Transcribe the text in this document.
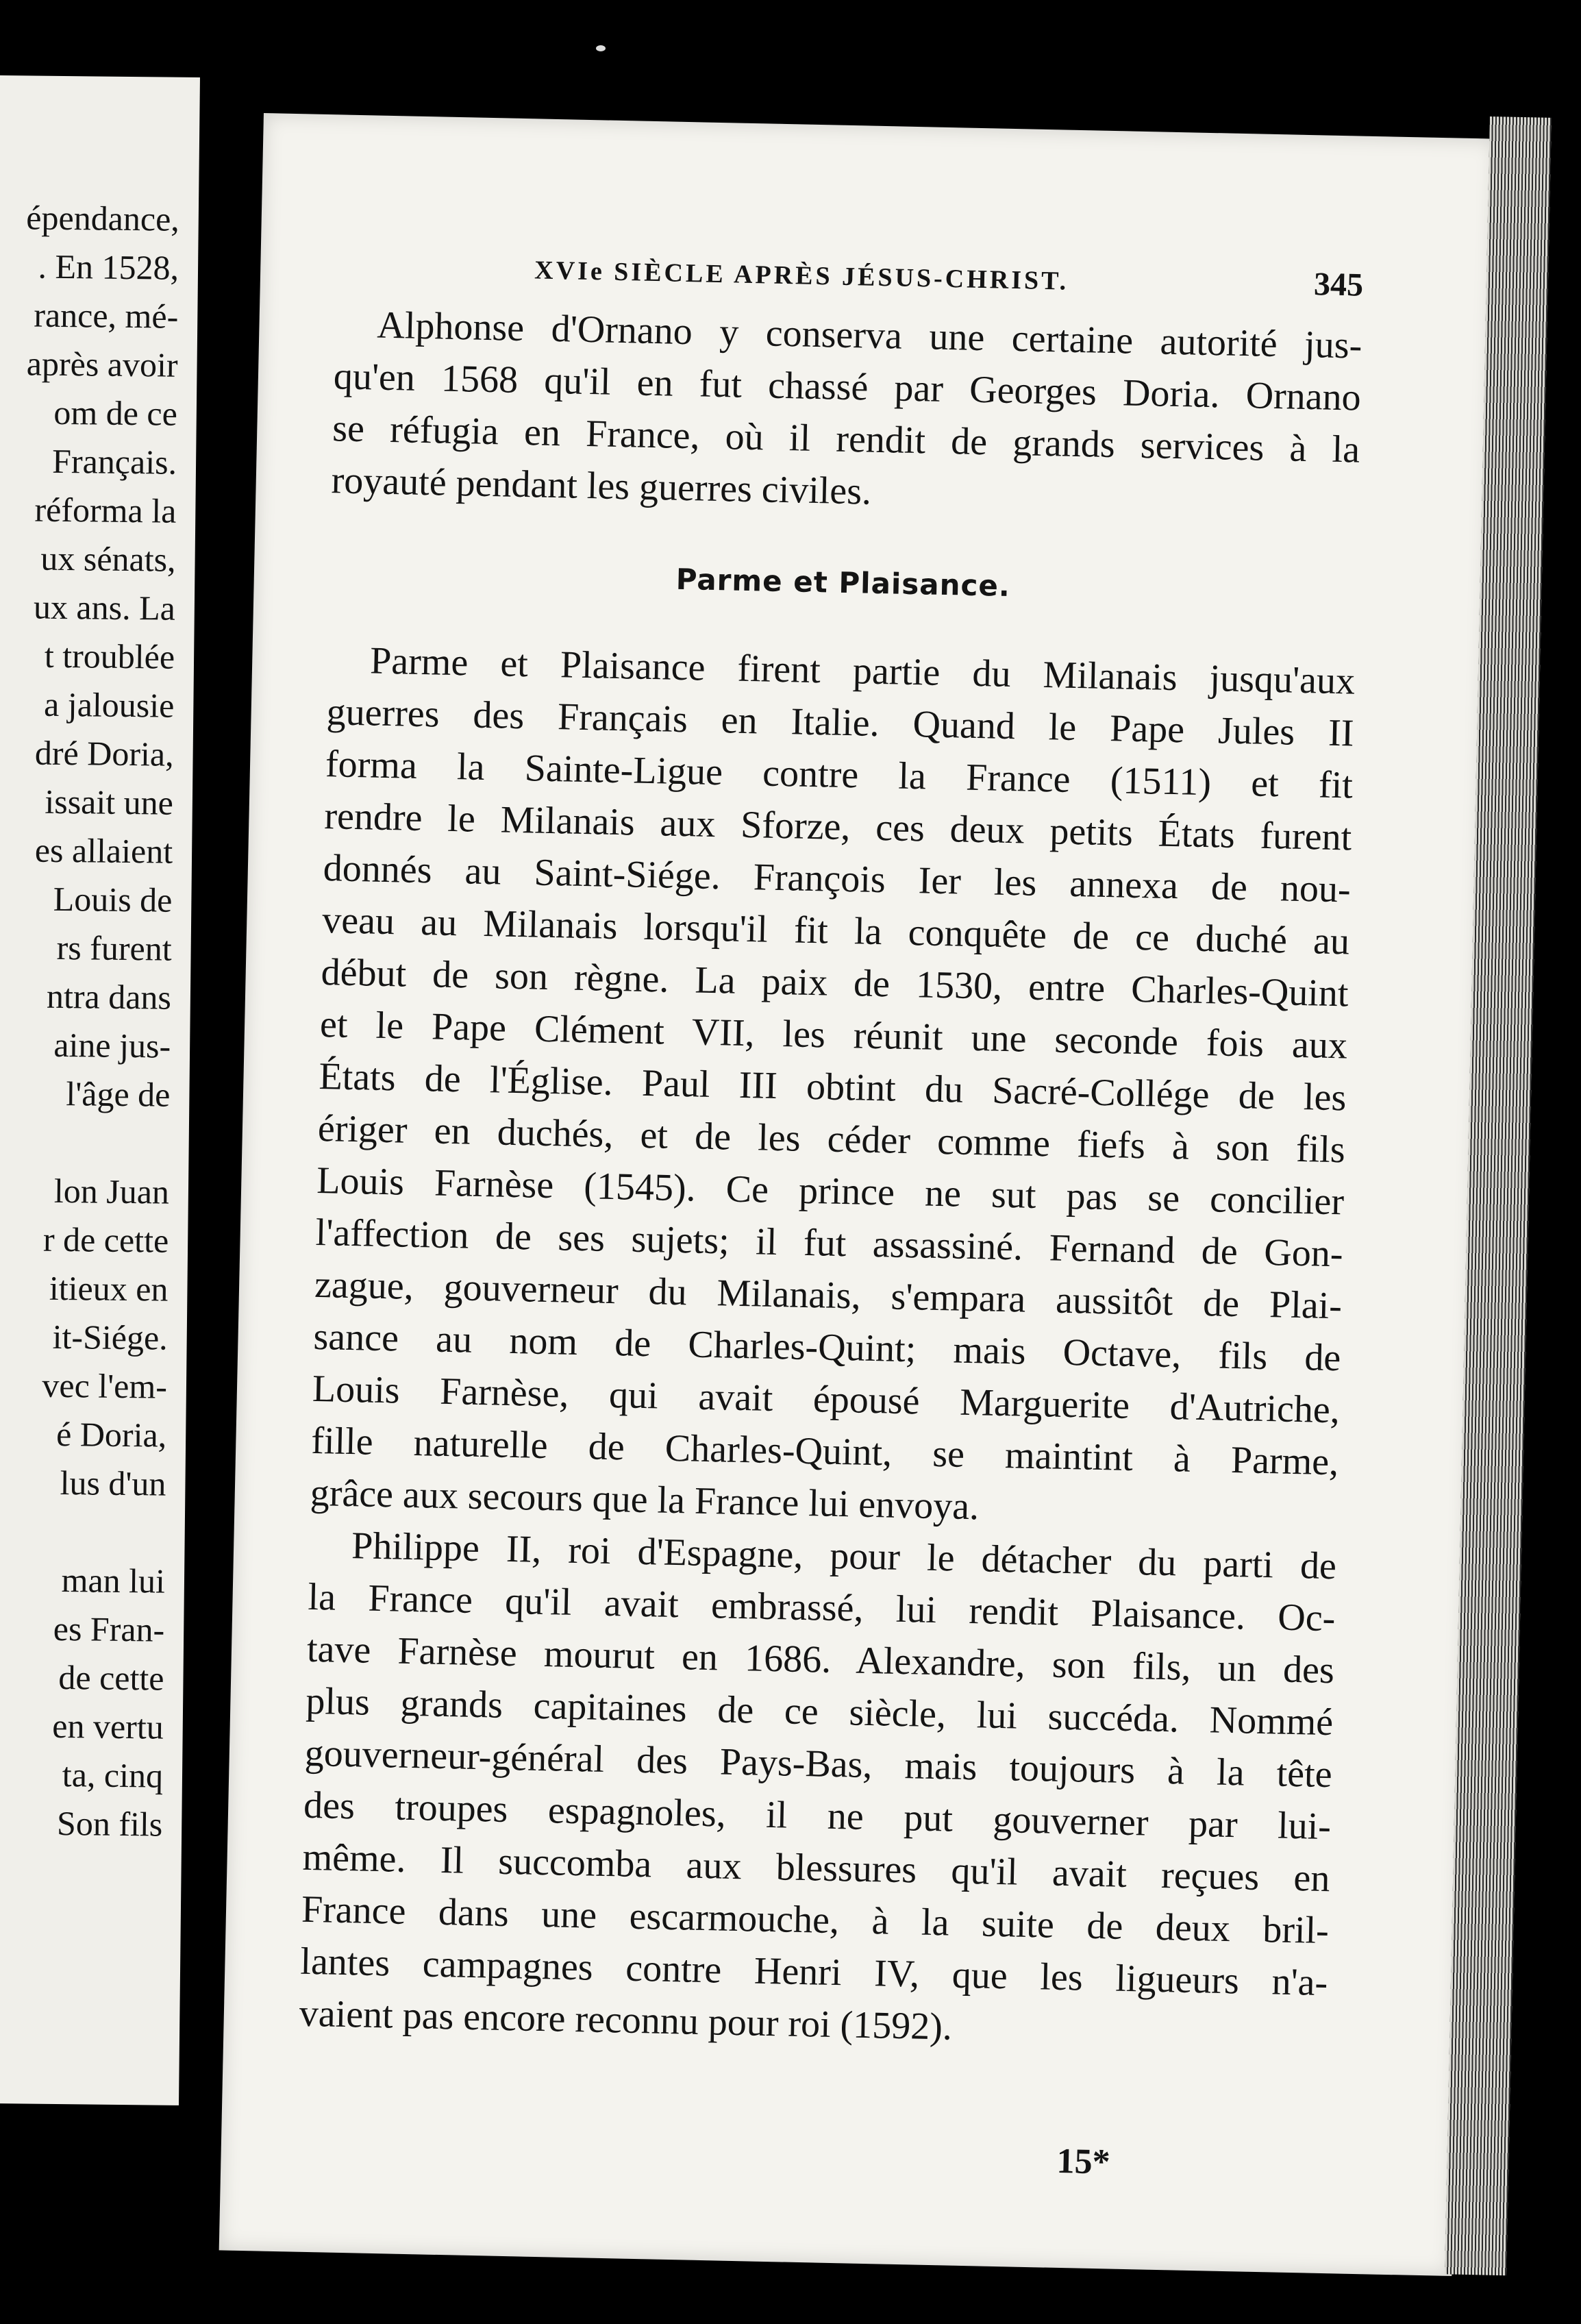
épendance,
. En 1528,
rance, mé-
après avoir
om de ce
Français.
réforma la
ux sénats,
ux ans. La
t troublée
a jalousie
dré Doria,
issait une
es allaient
Louis de
rs furent
ntra dans
aine jus-
l'âge de
lon Juan
r de cette
itieux en
it-Siége.
vec l'em-
é Doria,
lus d'un
man lui
es Fran-
de cette
en vertu
ta, cinq
Son fils
XVIe SIÈCLE APRÈS JÉSUS-CHRIST.	345
Alphonse d'Ornano y conserva une certaine autorité jus-
qu'en 1568 qu'il en fut chassé par Georges Doria. Ornano
se réfugia en France, où il rendit de grands services à la
royauté pendant les guerres civiles.
Parme et Plaisance.
Parme et Plaisance firent partie du Milanais jusqu'aux
guerres des Français en Italie. Quand le Pape Jules II
forma la Sainte-Ligue contre la France (1511) et fit
rendre le Milanais aux Sforze, ces deux petits États furent
donnés au Saint-Siége. François Ier les annexa de nou-
veau au Milanais lorsqu'il fit la conquête de ce duché au
début de son règne. La paix de 1530, entre Charles-Quint
et le Pape Clément VII, les réunit une seconde fois aux
États de l'Église. Paul III obtint du Sacré-Collége de les
ériger en duchés, et de les céder comme fiefs à son fils
Louis Farnèse (1545). Ce prince ne sut pas se concilier
l'affection de ses sujets; il fut assassiné. Fernand de Gon-
zague, gouverneur du Milanais, s'empara aussitôt de Plai-
sance au nom de Charles-Quint; mais Octave, fils de
Louis Farnèse, qui avait épousé Marguerite d'Autriche,
fille naturelle de Charles-Quint, se maintint à Parme,
grâce aux secours que la France lui envoya.
Philippe II, roi d'Espagne, pour le détacher du parti de
la France qu'il avait embrassé, lui rendit Plaisance. Oc-
tave Farnèse mourut en 1686. Alexandre, son fils, un des
plus grands capitaines de ce siècle, lui succéda. Nommé
gouverneur-général des Pays-Bas, mais toujours à la tête
des troupes espagnoles, il ne put gouverner par lui-
même. Il succomba aux blessures qu'il avait reçues en
France dans une escarmouche, à la suite de deux bril-
lantes campagnes contre Henri IV, que les ligueurs n'a-
vaient pas encore reconnu pour roi (1592).
15*
